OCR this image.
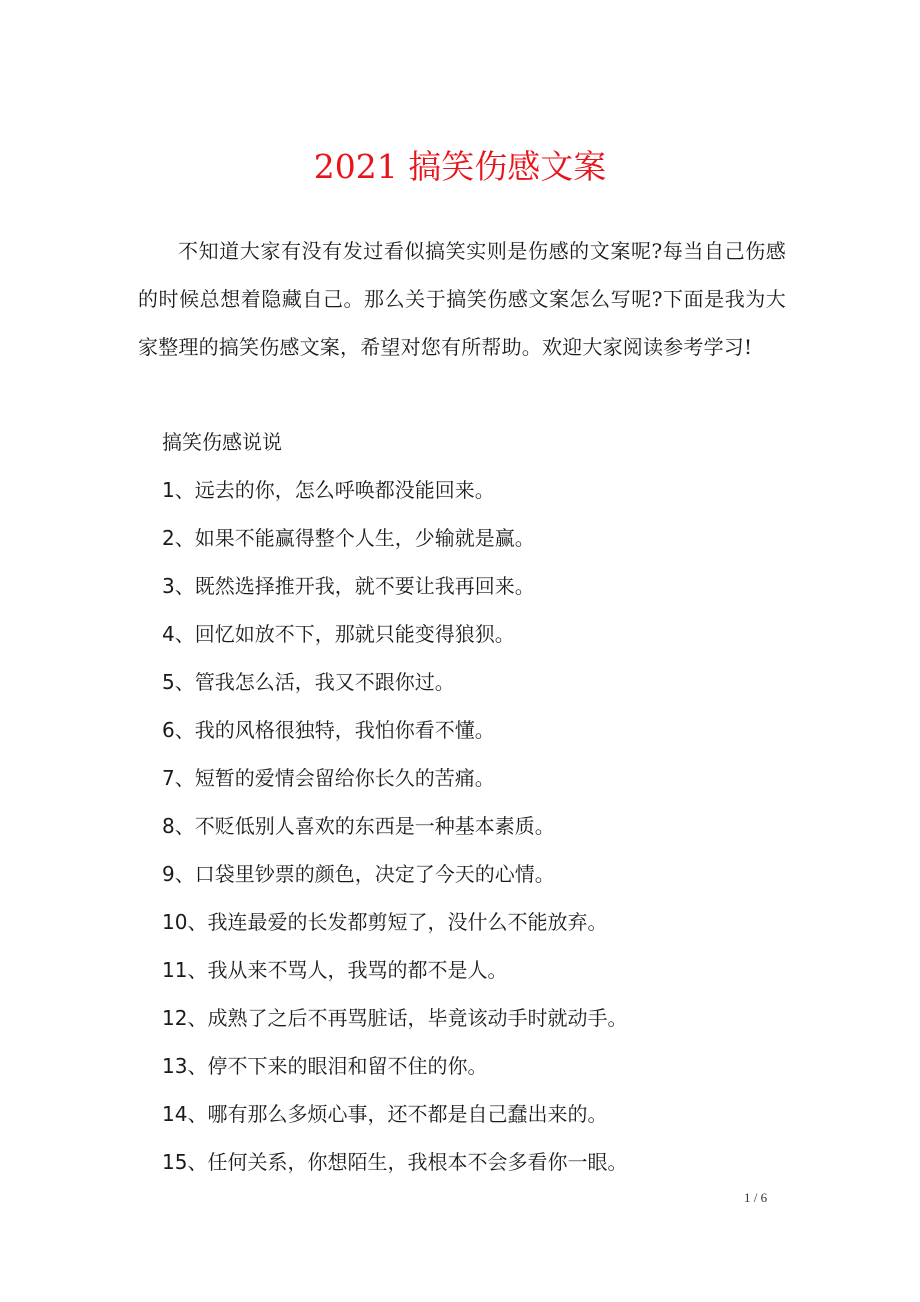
2021 搞笑伤感文案
不知道大家有没有发过看似搞笑实则是伤感的文案呢?每当自己伤感的时候总想着隐藏自己。那么关于搞笑伤感文案怎么写呢?下面是我为大家整理的搞笑伤感文案，希望对您有所帮助。欢迎大家阅读参考学习!
搞笑伤感说说
1、远去的你，怎么呼唤都没能回来。
2、如果不能赢得整个人生，少输就是赢。
3、既然选择推开我，就不要让我再回来。
4、回忆如放不下，那就只能变得狼狈。
5、管我怎么活，我又不跟你过。
6、我的风格很独特，我怕你看不懂。
7、短暂的爱情会留给你长久的苦痛。
8、不贬低别人喜欢的东西是一种基本素质。
9、口袋里钞票的颜色，决定了今天的心情。
10、我连最爱的长发都剪短了，没什么不能放弃。
11、我从来不骂人，我骂的都不是人。
12、成熟了之后不再骂脏话，毕竟该动手时就动手。
13、停不下来的眼泪和留不住的你。
14、哪有那么多烦心事，还不都是自己蠢出来的。
15、任何关系，你想陌生，我根本不会多看你一眼。
1 / 6
